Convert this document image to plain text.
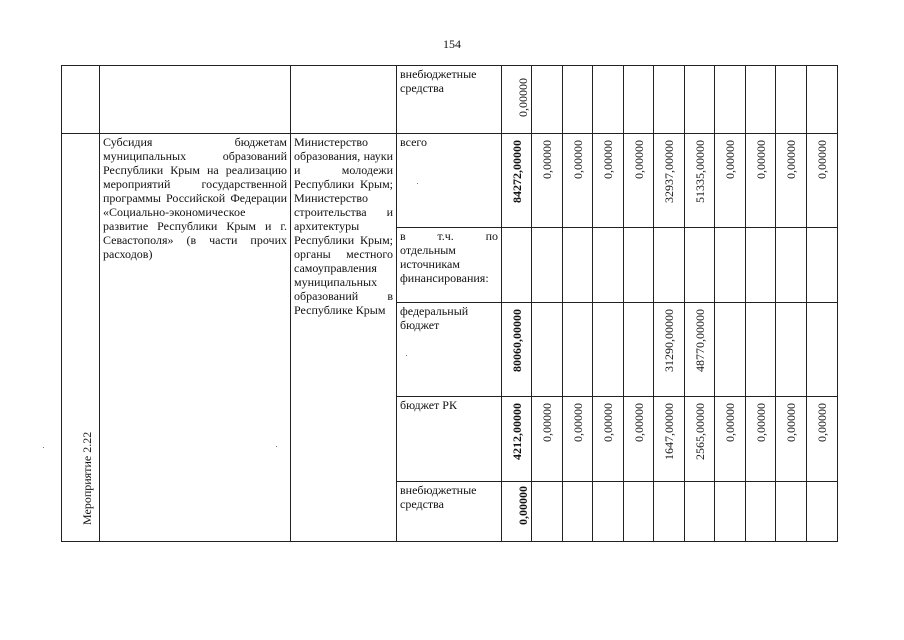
154

			внебюджетные средства	0,00000										

Мероприятие 2.22	Субсидия бюджетам муниципальных образований Республики Крым на реализацию мероприятий государственной программы Российской Федерации «Социально-экономическое развитие Республики Крым и г. Севастополя» (в части прочих расходов)	Министерство образования, науки и молодежи Республики Крым; Министерство строительства и архитектуры Республики Крым; органы местного самоуправления муниципальных образований в Республике Крым	всего	84272,00000	0,00000	0,00000	0,00000	0,00000	32937,00000	51335,00000	0,00000	0,00000	0,00000	0,00000

			в т.ч. по отдельным источникам финансирования:											

			федеральный бюджет	80060,00000					31290,00000	48770,00000				

			бюджет РК	4212,00000	0,00000	0,00000	0,00000	0,00000	1647,00000	2565,00000	0,00000	0,00000	0,00000	0,00000

			внебюджетные средства	0,00000										
